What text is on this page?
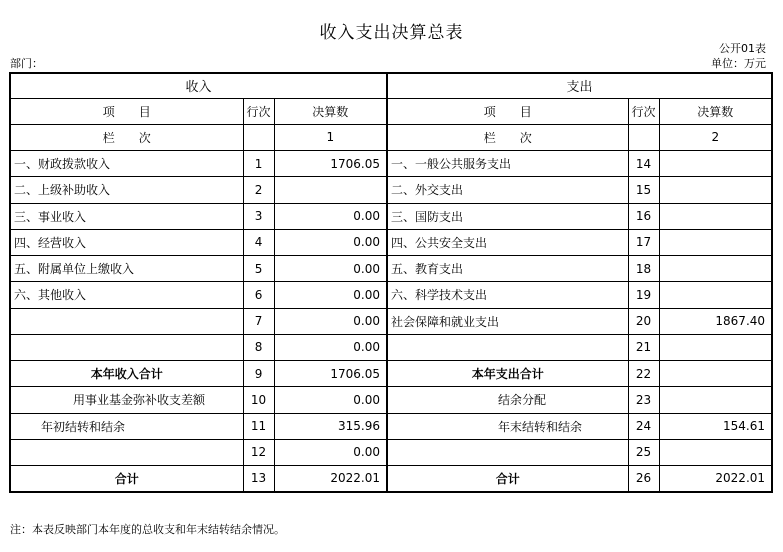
收入支出决算总表
公开01表
部门：	单位：万元
收入			支出		
项　　目	行次	决算数	项　　目	行次	决算数
栏　　次		1	栏　　次		2
一、财政拨款收入	1	1706.05	一、一般公共服务支出	14	
二、上级补助收入	2		二、外交支出	15	
三、事业收入	3	0.00	三、国防支出	16	
四、经营收入	4	0.00	四、公共安全支出	17	
五、附属单位上缴收入	5	0.00	五、教育支出	18	
六、其他收入	6	0.00	六、科学技术支出	19	
	7	0.00	社会保障和就业支出	20	1867.40
	8	0.00		21	
本年收入合计	9	1706.05	本年支出合计	22	
用事业基金弥补收支差额	10	0.00	结余分配	23	
年初结转和结余	11	315.96	年末结转和结余	24	154.61
	12	0.00		25	
合计	13	2022.01	合计	26	2022.01
注：本表反映部门本年度的总收支和年末结转结余情况。
